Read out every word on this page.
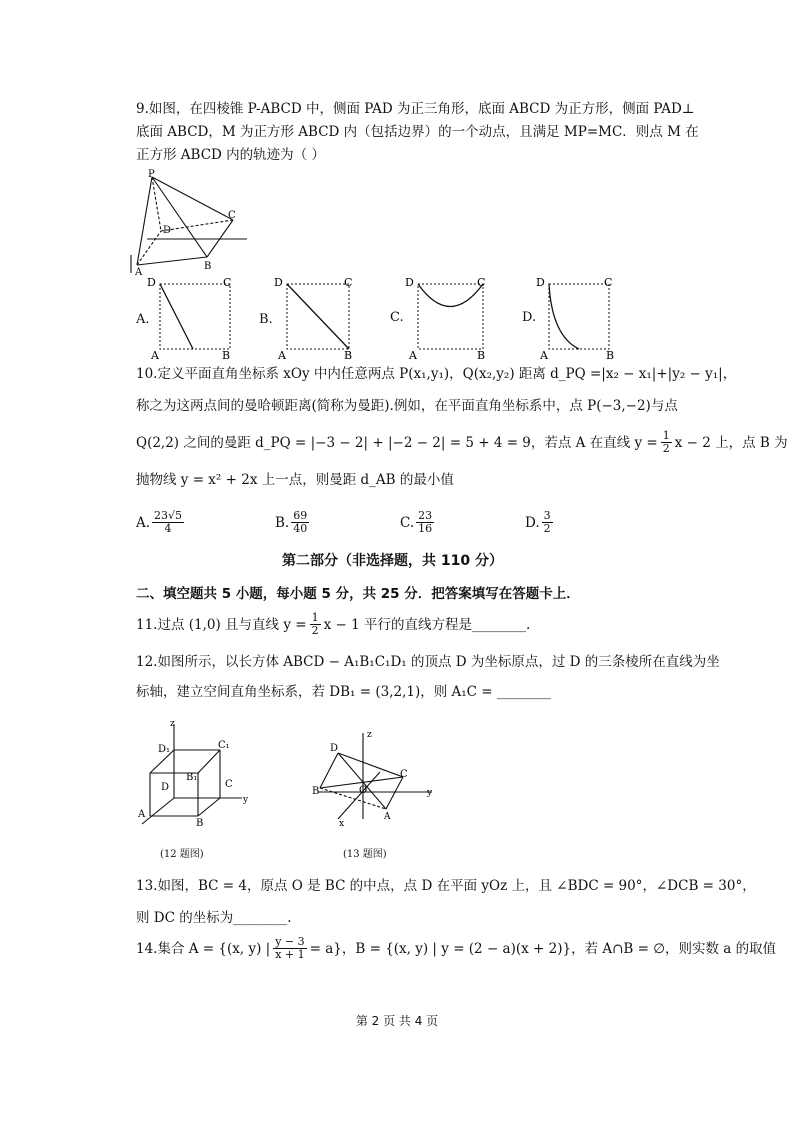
9.如图，在四棱锥 P-ABCD 中，侧面 PAD 为正三角形，底面 ABCD 为正方形，侧面 PAD⊥
底面 ABCD，M 为正方形 ABCD 内（包括边界）的一个动点，且满足 MP=MC．则点 M 在
正方形 ABCD 内的轨迹为（ ）
P
D
C
A
B
A.
D	C
A	B
B.
D	C
A	B
C.
D	C
A	B
D.
D	C
A	B
10.定义平面直角坐标系 xOy 中内任意两点 P(x₁,y₁)，Q(x₂,y₂) 距离 d_PQ =|x₂ − x₁|+|y₂ − y₁|，
称之为这两点间的曼哈顿距离(简称为曼距).例如，在平面直角坐标系中，点 P(−3,−2)与点
Q(2,2) 之间的曼距 d_PQ = |−3 − 2| + |−2 − 2| = 5 + 4 = 9，若点 A 在直线 $y = \frac{1}{2}$ x − 2 上，点 B 为
抛物线 y = x² + 2x 上一点，则曼距 d_AB 的最小值
A. $\frac{23√5}{4}$	B. $\frac{69}{40}$	C. $\frac{23}{16}$	D. $\frac{3}{2}$
第二部分（非选择题，共 110 分）
二、填空题共 5 小题，每小题 5 分，共 25 分．把答案填写在答题卡上．
11.过点 (1,0) 且与直线 $y = \frac{1}{2}$ x − 1 平行的直线方程是________.
12.如图所示，以长方体 ABCD − A₁B₁C₁D₁ 的顶点 D 为坐标原点，过 D 的三条棱所在直线为坐
标轴，建立空间直角坐标系，若 DB₁ = (3,2,1)，则 A₁C = ________
z
D₁	C₁
B₁
C
D
y
A
B
(12 题图)
z
D
C
B	O	y
x
A
(13 题图)
13.如图，BC = 4，原点 O 是 BC 的中点，点 D 在平面 yOz 上，且 ∠BDC = 90°，∠DCB = 30°，
则 DC 的坐标为________.
14.集合 A = {(x, y) | $\frac{y - 3}{x + 1} = a$}，B = {(x, y) | y = (2 − a)(x + 2)}，若 A∩B = ∅，则实数 a 的取值
第 2 页 共 4 页
